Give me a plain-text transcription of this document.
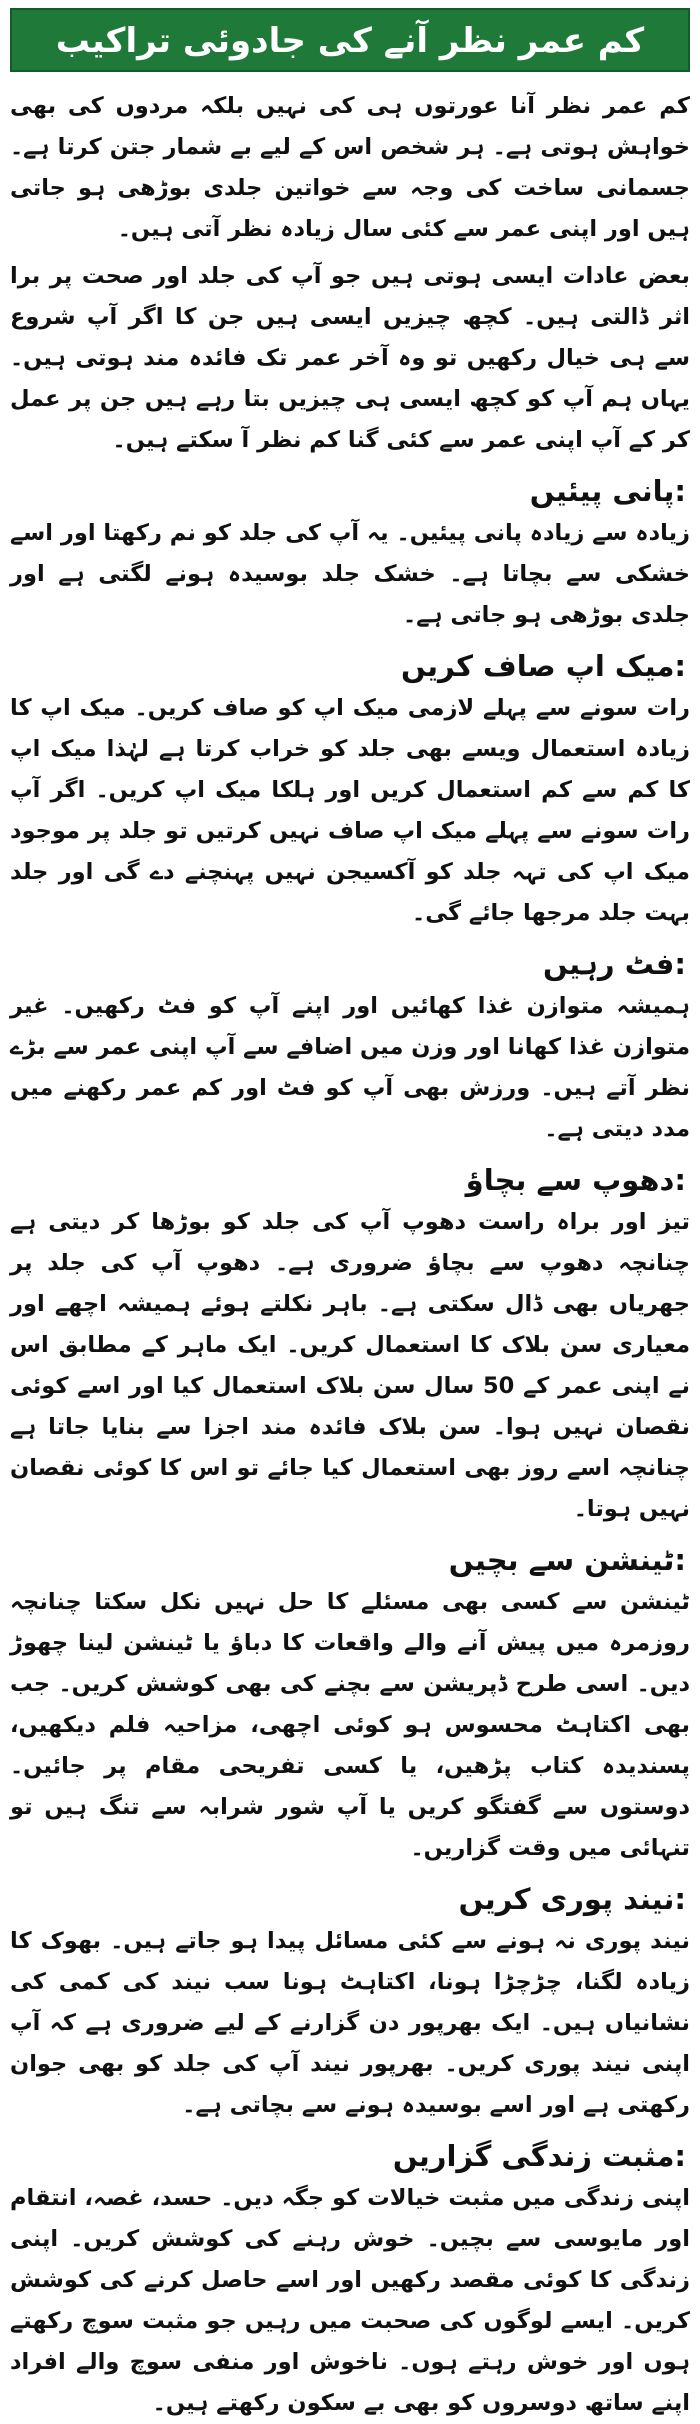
کم عمر نظر آنے کی جادوئی تراکیب

کم عمر نظر آنا عورتوں ہی کی نہیں بلکہ مردوں کی بھی خواہش ہوتی ہے۔ ہر شخص اس کے لیے بے شمار جتن کرتا ہے۔ جسمانی ساخت کی وجہ سے خواتین جلدی بوڑھی ہو جاتی ہیں اور اپنی عمر سے کئی سال زیادہ نظر آتی ہیں۔

بعض عادات ایسی ہوتی ہیں جو آپ کی جلد اور صحت پر برا اثر ڈالتی ہیں۔ کچھ چیزیں ایسی ہیں جن کا اگر آپ شروع سے ہی خیال رکھیں تو وہ آخر عمر تک فائدہ مند ہوتی ہیں۔ یہاں ہم آپ کو کچھ ایسی ہی چیزیں بتا رہے ہیں جن پر عمل کر کے آپ اپنی عمر سے کئی گنا کم نظر آ سکتے ہیں۔

:پانی پیئیں

زیادہ سے زیادہ پانی پیئیں۔ یہ آپ کی جلد کو نم رکھتا اور اسے خشکی سے بچاتا ہے۔ خشک جلد بوسیدہ ہونے لگتی ہے اور جلدی بوڑھی ہو جاتی ہے۔

:میک اپ صاف کریں

رات سونے سے پہلے لازمی میک اپ کو صاف کریں۔ میک اپ کا زیادہ استعمال ویسے بھی جلد کو خراب کرتا ہے لہٰذا میک اپ کا کم سے کم استعمال کریں اور ہلکا میک اپ کریں۔ اگر آپ رات سونے سے پہلے میک اپ صاف نہیں کرتیں تو جلد پر موجود میک اپ کی تہہ جلد کو آکسیجن نہیں پہنچنے دے گی اور جلد بہت جلد مرجھا جائے گی۔

:فٹ رہیں

ہمیشہ متوازن غذا کھائیں اور اپنے آپ کو فٹ رکھیں۔ غیر متوازن غذا کھانا اور وزن میں اضافے سے آپ اپنی عمر سے بڑے نظر آتے ہیں۔ ورزش بھی آپ کو فٹ اور کم عمر رکھنے میں مدد دیتی ہے۔

:دھوپ سے بچاؤ

تیز اور براہ راست دھوپ آپ کی جلد کو بوڑھا کر دیتی ہے چنانچہ دھوپ سے بچاؤ ضروری ہے۔ دھوپ آپ کی جلد پر جھریاں بھی ڈال سکتی ہے۔ باہر نکلتے ہوئے ہمیشہ اچھے اور معیاری سن بلاک کا استعمال کریں۔ ایک ماہر کے مطابق اس نے اپنی عمر کے 50 سال سن بلاک استعمال کیا اور اسے کوئی نقصان نہیں ہوا۔ سن بلاک فائدہ مند اجزا سے بنایا جاتا ہے چنانچہ اسے روز بھی استعمال کیا جائے تو اس کا کوئی نقصان نہیں ہوتا۔

:ٹینشن سے بچیں

ٹینشن سے کسی بھی مسئلے کا حل نہیں نکل سکتا چنانچہ روزمرہ میں پیش آنے والے واقعات کا دباؤ یا ٹینشن لینا چھوڑ دیں۔ اسی طرح ڈپریشن سے بچنے کی بھی کوشش کریں۔ جب بھی اکتاہٹ محسوس ہو کوئی اچھی، مزاحیہ فلم دیکھیں، پسندیدہ کتاب پڑھیں، یا کسی تفریحی مقام پر جائیں۔ دوستوں سے گفتگو کریں یا آپ شور شرابہ سے تنگ ہیں تو تنہائی میں وقت گزاریں۔

:نیند پوری کریں

نیند پوری نہ ہونے سے کئی مسائل پیدا ہو جاتے ہیں۔ بھوک کا زیادہ لگنا، چڑچڑا ہونا، اکتاہٹ ہونا سب نیند کی کمی کی نشانیاں ہیں۔ ایک بھرپور دن گزارنے کے لیے ضروری ہے کہ آپ اپنی نیند پوری کریں۔ بھرپور نیند آپ کی جلد کو بھی جوان رکھتی ہے اور اسے بوسیدہ ہونے سے بچاتی ہے۔

:مثبت زندگی گزاریں

اپنی زندگی میں مثبت خیالات کو جگہ دیں۔ حسد، غصہ، انتقام اور مایوسی سے بچیں۔ خوش رہنے کی کوشش کریں۔ اپنی زندگی کا کوئی مقصد رکھیں اور اسے حاصل کرنے کی کوشش کریں۔ ایسے لوگوں کی صحبت میں رہیں جو مثبت سوچ رکھتے ہوں اور خوش رہتے ہوں۔ ناخوش اور منفی سوچ والے افراد اپنے ساتھ دوسروں کو بھی بے سکون رکھتے ہیں۔
